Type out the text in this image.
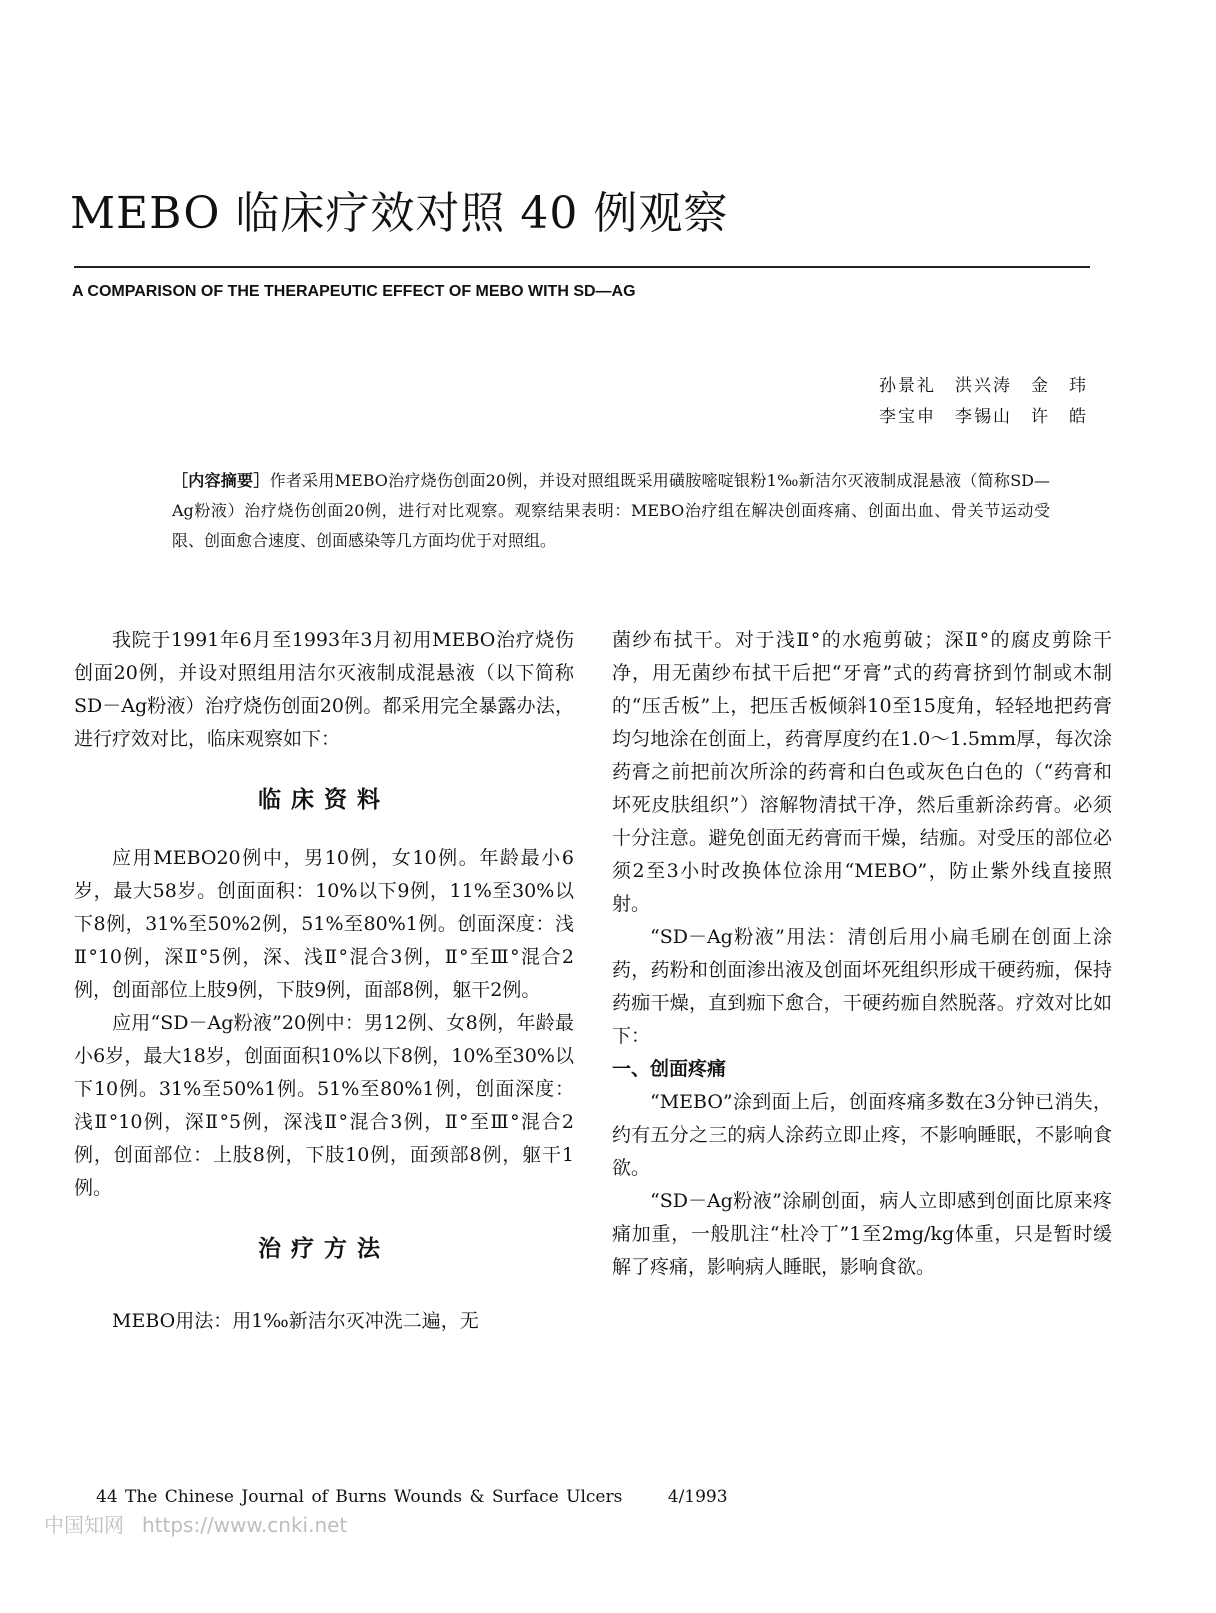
MEBO 临床疗效对照 40 例观察
A COMPARISON OF THE THERAPEUTIC EFFECT OF MEBO WITH SD—AG
孙景礼　洪兴涛　金　玮
李宝申　李锡山　许　皓
［内容摘要］作者采用MEBO治疗烧伤创面20例，并设对照组既采用磺胺嘧啶银粉1‰新洁尔灭液制成混悬液（简称SD—Ag粉液）治疗烧伤创面20例，进行对比观察。观察结果表明：MEBO治疗组在解决创面疼痛、创面出血、骨关节运动受限、创面愈合速度、创面感染等几方面均优于对照组。

我院于1991年6月至1993年3月初用MEBO治疗烧伤创面20例，并设对照组用洁尔灭液制成混悬液（以下简称SD－Ag粉液）治疗烧伤创面20例。都采用完全暴露办法，进行疗效对比，临床观察如下：

临床资料

应用MEBO20例中，男10例，女10例。年龄最小6岁，最大58岁。创面面积：10%以下9例，11%至30%以下8例，31%至50%2例，51%至80%1例。创面深度：浅Ⅱ°10例，深Ⅱ°5例，深、浅Ⅱ°混合3例，Ⅱ°至Ⅲ°混合2例，创面部位上肢9例，下肢9例，面部8例，躯干2例。

应用“SD－Ag粉液”20例中：男12例、女8例，年龄最小6岁，最大18岁，创面面积10%以下8例，10%至30%以下10例。31%至50%1例。51%至80%1例，创面深度：浅Ⅱ°10例，深Ⅱ°5例，深浅Ⅱ°混合3例，Ⅱ°至Ⅲ°混合2例，创面部位：上肢8例，下肢10例，面颈部8例，躯干1例。

治疗方法

MEBO用法：用1‰新洁尔灭冲洗二遍，无

菌纱布拭干。对于浅Ⅱ°的水疱剪破；深Ⅱ°的腐皮剪除干净，用无菌纱布拭干后把“牙膏”式的药膏挤到竹制或木制的“压舌板”上，把压舌板倾斜10至15度角，轻轻地把药膏均匀地涂在创面上，药膏厚度约在1.0～1.5mm厚，每次涂药膏之前把前次所涂的药膏和白色或灰色白色的（“药膏和坏死皮肤组织”）溶解物清拭干净，然后重新涂药膏。必须十分注意。避免创面无药膏而干燥，结痂。对受压的部位必须2至3小时改换体位涂用“MEBO”，防止紫外线直接照射。

“SD－Ag粉液”用法：清创后用小扁毛刷在创面上涂药，药粉和创面渗出液及创面坏死组织形成干硬药痂，保持药痂干燥，直到痂下愈合，干硬药痂自然脱落。疗效对比如下：

一、创面疼痛

“MEBO”涂到面上后，创面疼痛多数在3分钟已消失，约有五分之三的病人涂药立即止疼，不影响睡眠，不影响食欲。

“SD－Ag粉液”涂刷创面，病人立即感到创面比原来疼痛加重，一般肌注“杜冷丁”1至2mg/kg体重，只是暂时缓解了疼痛，影响病人睡眠，影响食欲。

44 The Chinese Journal of Burns Wounds & Surface Ulcers	4/1993
中国知网 https://www.cnki.net
